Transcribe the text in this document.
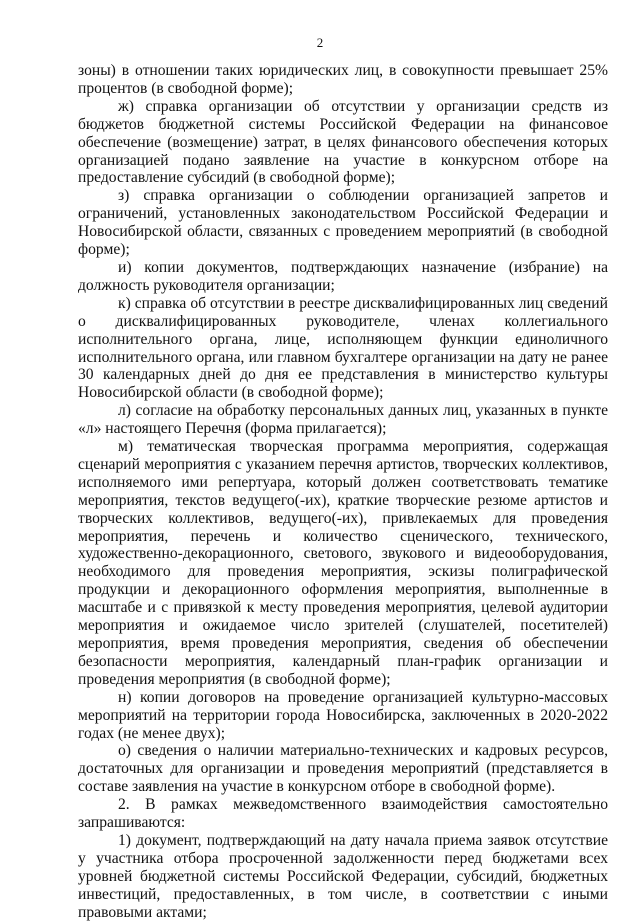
2

зоны) в отношении таких юридических лиц, в совокупности превышает 25% процентов (в свободной форме);

ж) справка организации об отсутствии у организации средств из бюджетов бюджетной системы Российской Федерации на финансовое обеспечение (возмещение) затрат, в целях финансового обеспечения которых организацией подано заявление на участие в конкурсном отборе на предоставление субсидий (в свободной форме);

з) справка организации о соблюдении организацией запретов и ограничений, установленных законодательством Российской Федерации и Новосибирской области, связанных с проведением мероприятий (в свободной форме);

и) копии документов, подтверждающих назначение (избрание) на должность руководителя организации;

к) справка об отсутствии в реестре дисквалифицированных лиц сведений о дисквалифицированных руководителе, членах коллегиального исполнительного органа, лице, исполняющем функции единоличного исполнительного органа, или главном бухгалтере организации на дату не ранее 30 календарных дней до дня ее представления в министерство культуры Новосибирской области (в свободной форме);

л) согласие на обработку персональных данных лиц, указанных в пункте «л» настоящего Перечня (форма прилагается);

м) тематическая творческая программа мероприятия, содержащая сценарий мероприятия с указанием перечня артистов, творческих коллективов, исполняемого ими репертуара, который должен соответствовать тематике мероприятия, текстов ведущего(-их), краткие творческие резюме артистов и творческих коллективов, ведущего(-их), привлекаемых для проведения мероприятия, перечень и количество сценического, технического, художественно-декорационного, светового, звукового и видеооборудования, необходимого для проведения мероприятия, эскизы полиграфической продукции и декорационного оформления мероприятия, выполненные в масштабе и с привязкой к месту проведения мероприятия, целевой аудитории мероприятия и ожидаемое число зрителей (слушателей, посетителей) мероприятия, время проведения мероприятия, сведения об обеспечении безопасности мероприятия, календарный план-график организации и проведения мероприятия (в свободной форме);

н) копии договоров на проведение организацией культурно-массовых мероприятий на территории города Новосибирска, заключенных в 2020-2022 годах (не менее двух);

о) сведения о наличии материально-технических и кадровых ресурсов, достаточных для организации и проведения мероприятий (представляется в составе заявления на участие в конкурсном отборе в свободной форме).

2. В рамках межведомственного взаимодействия самостоятельно запрашиваются:

1) документ, подтверждающий на дату начала приема заявок отсутствие у участника отбора просроченной задолженности перед бюджетами всех уровней бюджетной системы Российской Федерации, субсидий, бюджетных инвестиций, предоставленных, в том числе, в соответствии с иными правовыми актами;
